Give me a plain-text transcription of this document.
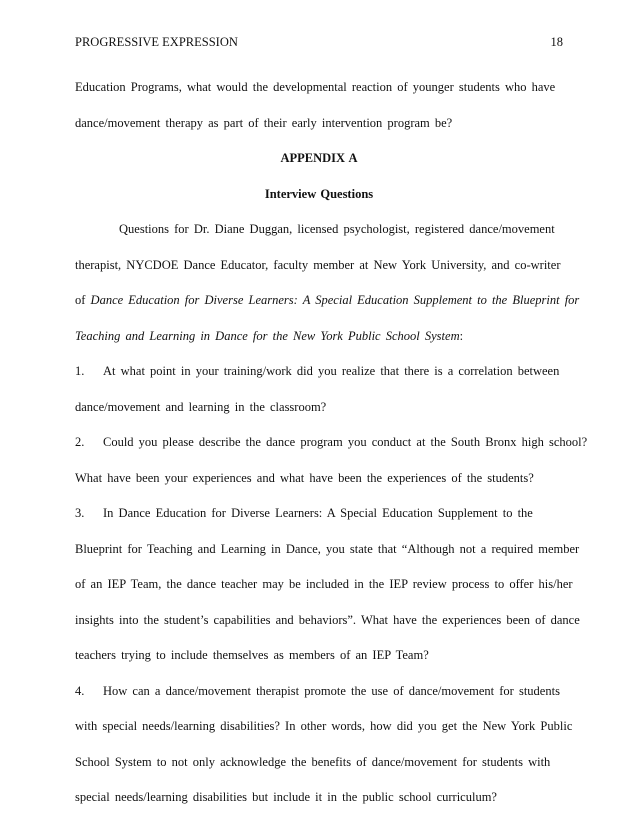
PROGRESSIVE EXPRESSION	18
Education Programs, what would the developmental reaction of younger students who have
dance/movement therapy as part of their early intervention program be?
APPENDIX A
Interview Questions
Questions for Dr. Diane Duggan, licensed psychologist, registered dance/movement
therapist, NYCDOE Dance Educator, faculty member at New York University, and co-writer
of Dance Education for Diverse Learners: A Special Education Supplement to the Blueprint for
Teaching and Learning in Dance for the New York Public School System:
1. At what point in your training/work did you realize that there is a correlation between
dance/movement and learning in the classroom?
2. Could you please describe the dance program you conduct at the South Bronx high school?
What have been your experiences and what have been the experiences of the students?
3. In Dance Education for Diverse Learners: A Special Education Supplement to the
Blueprint for Teaching and Learning in Dance, you state that “Although not a required member
of an IEP Team, the dance teacher may be included in the IEP review process to offer his/her
insights into the student’s capabilities and behaviors”. What have the experiences been of dance
teachers trying to include themselves as members of an IEP Team?
4. How can a dance/movement therapist promote the use of dance/movement for students
with special needs/learning disabilities? In other words, how did you get the New York Public
School System to not only acknowledge the benefits of dance/movement for students with
special needs/learning disabilities but include it in the public school curriculum?
